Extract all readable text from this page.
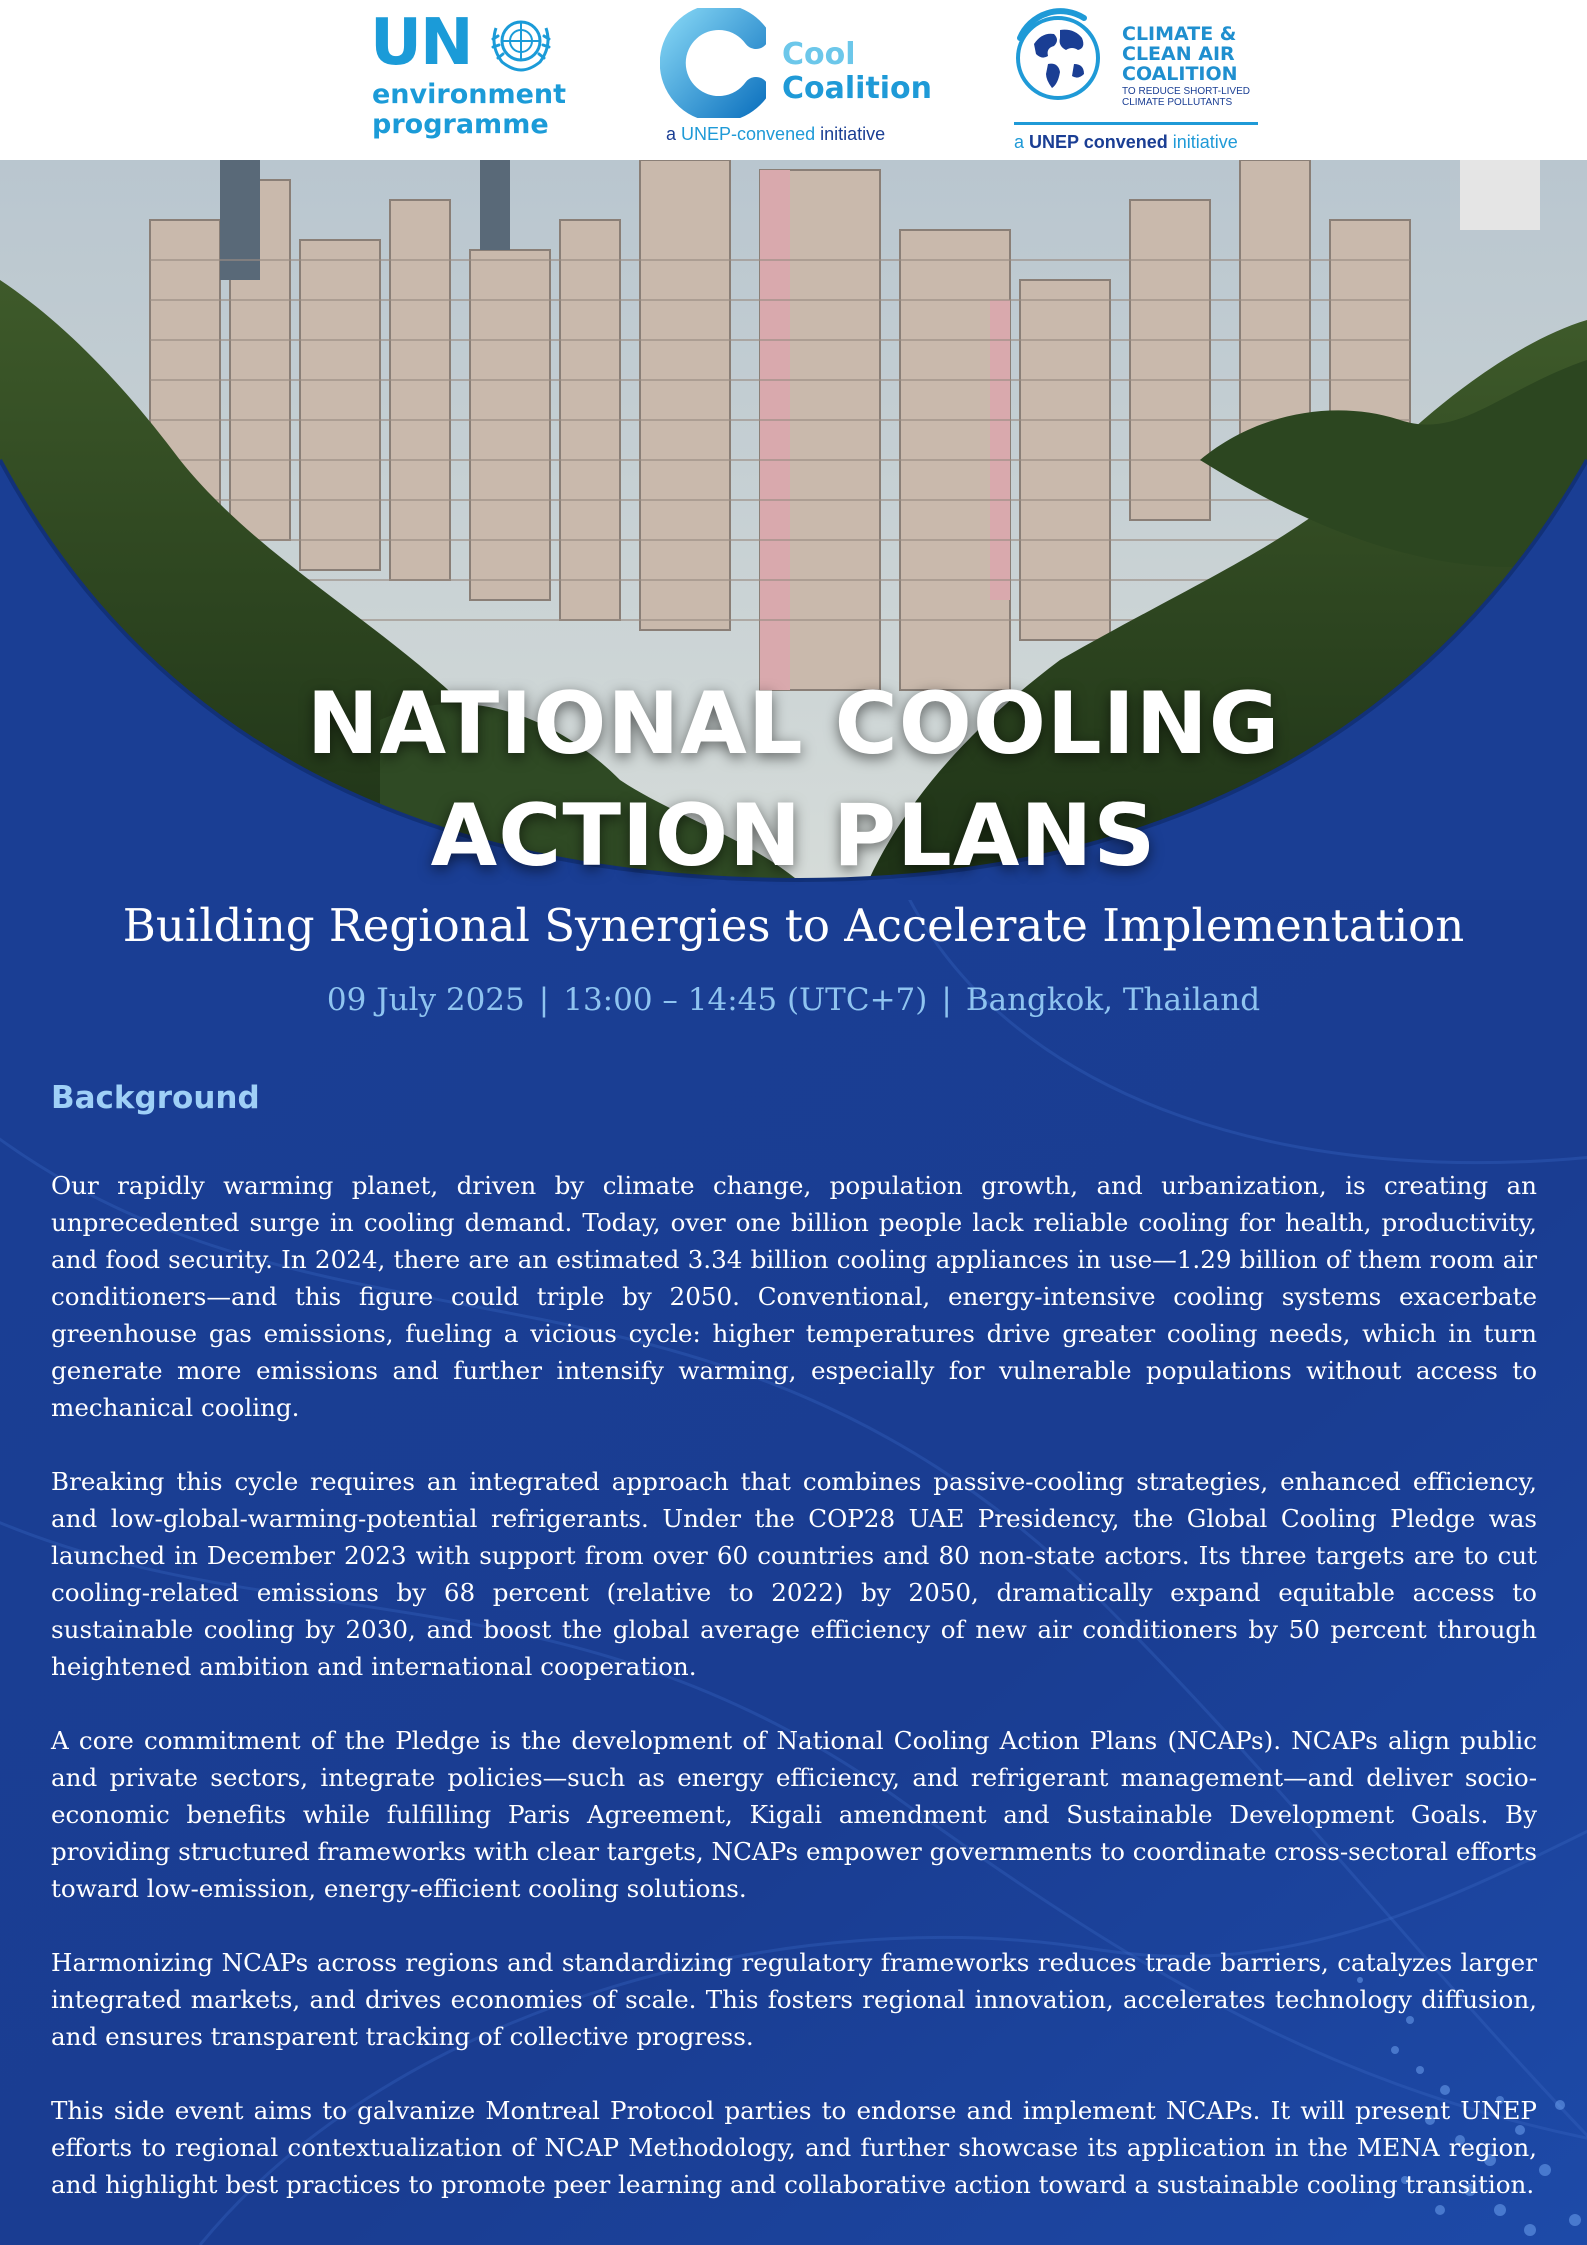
UN
environment
programme
Cool
Coalition
a UNEP-convened initiative
CLIMATE &
CLEAN AIR
COALITION
TO REDUCE SHORT-LIVED
CLIMATE POLLUTANTS
a UNEP convened initiative
NATIONAL COOLING
ACTION PLANS
Building Regional Synergies to Accelerate Implementation
09 July 2025 | 13:00 – 14:45 (UTC+7) | Bangkok, Thailand
Background

Our rapidly warming planet, driven by climate change, population growth, and urbanization, is creating an unprecedented surge in cooling demand. Today, over one billion people lack reliable cooling for health, productivity, and food security. In 2024, there are an estimated 3.34 billion cooling appliances in use—1.29 billion of them room air conditioners—and this figure could triple by 2050. Conventional, energy-intensive cooling systems exacerbate greenhouse gas emissions, fueling a vicious cycle: higher temperatures drive greater cooling needs, which in turn generate more emissions and further intensify warming, especially for vulnerable populations without access to mechanical cooling.

Breaking this cycle requires an integrated approach that combines passive-cooling strategies, enhanced efficiency, and low-global-warming-potential refrigerants. Under the COP28 UAE Presidency, the Global Cooling Pledge was launched in December 2023 with support from over 60 countries and 80 non-state actors. Its three targets are to cut cooling-related emissions by 68 percent (relative to 2022) by 2050, dramatically expand equitable access to sustainable cooling by 2030, and boost the global average efficiency of new air conditioners by 50 percent through heightened ambition and international cooperation.

A core commitment of the Pledge is the development of National Cooling Action Plans (NCAPs). NCAPs align public and private sectors, integrate policies—such as energy efficiency, and refrigerant management—and deliver socio-economic benefits while fulfilling Paris Agreement, Kigali amendment and Sustainable Development Goals. By providing structured frameworks with clear targets, NCAPs empower governments to coordinate cross-sectoral efforts toward low-emission, energy-efficient cooling solutions.

Harmonizing NCAPs across regions and standardizing regulatory frameworks reduces trade barriers, catalyzes larger integrated markets, and drives economies of scale. This fosters regional innovation, accelerates technology diffusion, and ensures transparent tracking of collective progress.

This side event aims to galvanize Montreal Protocol parties to endorse and implement NCAPs. It will present UNEP efforts to regional contextualization of NCAP Methodology, and further showcase its application in the MENA region, and highlight best practices to promote peer learning and collaborative action toward a sustainable cooling transition.
